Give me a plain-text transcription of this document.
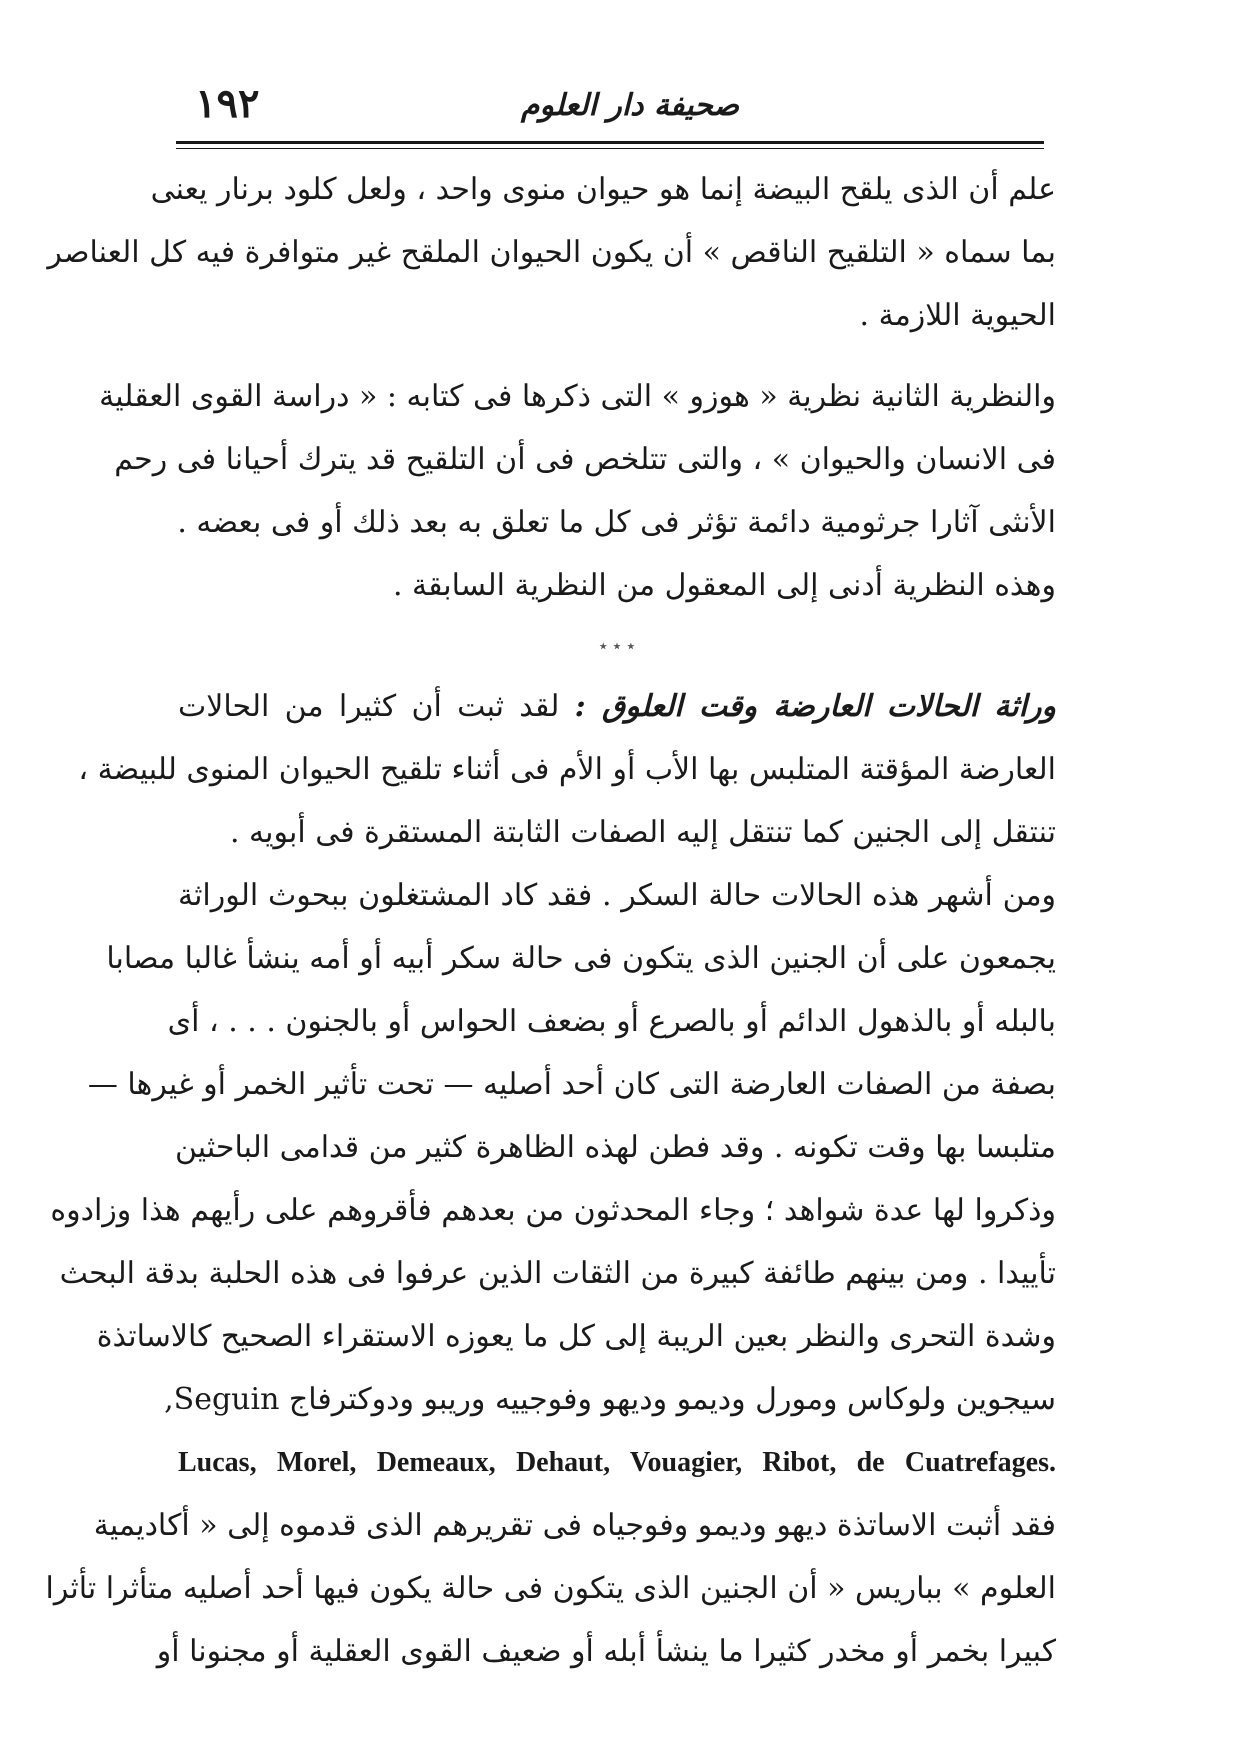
١٩٢	صحيفة دار العلوم
علم أن الذى يلقح البيضة إنما هو حيوان منوى واحد ، ولعل كلود برنار يعنى
بما سماه « التلقيح الناقص » أن يكون الحيوان الملقح غير متوافرة فيه كل العناصر
الحيوية اللازمة .
والنظرية الثانية نظرية « هوزو » التى ذكرها فى كتابه : « دراسة القوى العقلية
فى الانسان والحيوان » ، والتى تتلخص فى أن التلقيح قد يترك أحيانا فى رحم
الأنثى آثارا جرثومية دائمة تؤثر فى كل ما تعلق به بعد ذلك أو فى بعضه .
وهذه النظرية أدنى إلى المعقول من النظرية السابقة .
٭ ٭ ٭
وراثة الحالات العارضة وقت العلوق : لقد ثبت أن كثيرا من الحالات
العارضة المؤقتة المتلبس بها الأب أو الأم فى أثناء تلقيح الحيوان المنوى للبيضة ،
تنتقل إلى الجنين كما تنتقل إليه الصفات الثابتة المستقرة فى أبويه .
ومن أشهر هذه الحالات حالة السكر . فقد كاد المشتغلون ببحوث الوراثة
يجمعون على أن الجنين الذى يتكون فى حالة سكر أبيه أو أمه ينشأ غالبا مصابا
بالبله أو بالذهول الدائم أو بالصرع أو بضعف الحواس أو بالجنون . . . ، أى
بصفة من الصفات العارضة التى كان أحد أصليه — تحت تأثير الخمر أو غيرها —
متلبسا بها وقت تكونه . وقد فطن لهذه الظاهرة كثير من قدامى الباحثين
وذكروا لها عدة شواهد ؛ وجاء المحدثون من بعدهم فأقروهم على رأيهم هذا وزادوه
تأييدا . ومن بينهم طائفة كبيرة من الثقات الذين عرفوا فى هذه الحلبة بدقة البحث
وشدة التحرى والنظر بعين الريبة إلى كل ما يعوزه الاستقراء الصحيح كالاساتذة
سيجوين ولوكاس ومورل وديمو وديهو وفوجييه وريبو ودوكترفاج Seguin,
Lucas, Morel, Demeaux, Dehaut, Vouagier, Ribot, de Cuatrefages.
فقد أثبت الاساتذة ديهو وديمو وفوجياه فى تقريرهم الذى قدموه إلى « أكاديمية
العلوم » بباريس « أن الجنين الذى يتكون فى حالة يكون فيها أحد أصليه متأثرا تأثرا
كبيرا بخمر أو مخدر كثيرا ما ينشأ أبله أو ضعيف القوى العقلية أو مجنونا أو
